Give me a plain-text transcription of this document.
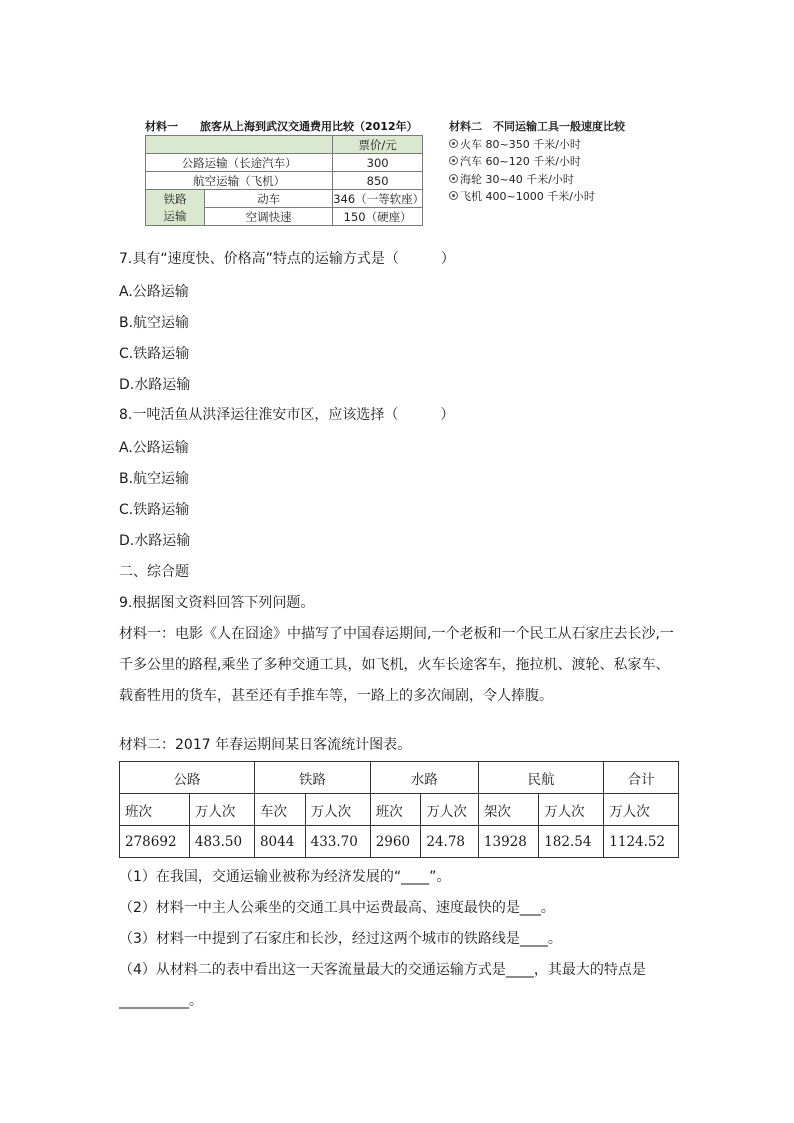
材料一 旅客从上海到武汉交通费用比较（2012年）
		票价/元
公路运输（长途汽车）		300
航空运输（飞机）		850
铁路	动车	346（一等软座）
运输	空调快速	150（硬座）
材料二　不同运输工具一般速度比较
火车 80~350 千米/小时
汽车 60~120 千米/小时
海轮 30~40 千米/小时
飞机 400~1000 千米/小时
7.具有“速度快、价格高”特点的运输方式是（　　　）
A.公路运输
B.航空运输
C.铁路运输
D.水路运输
8.一吨活鱼从洪泽运往淮安市区，应该选择（　　　）
A.公路运输
B.航空运输
C.铁路运输
D.水路运输
二、综合题
9.根据图文资料回答下列问题。
材料一：电影《人在囧途》中描写了中国春运期间,一个老板和一个民工从石家庄去长沙,一千多公里的路程,乘坐了多种交通工具，如飞机，火车长途客车，拖拉机、渡轮、私家车、载畜牲用的货车，甚至还有手推车等，一路上的多次闹剧，令人捧腹。
材料二：2017 年春运期间某日客流统计图表。
公路		铁路		水路		民航		合计
班次	万人次	车次	万人次	班次	万人次	架次	万人次	万人次
278692	483.50	8044	433.70	2960	24.78	13928	182.54	1124.52
（1）在我国，交通运输业被称为经济发展的“____”。
（2）材料一中主人公乘坐的交通工具中运费最高、速度最快的是___。
（3）材料一中提到了石家庄和长沙，经过这两个城市的铁路线是____。
（4）从材料二的表中看出这一天客流量最大的交通运输方式是____，其最大的特点是
__________。
